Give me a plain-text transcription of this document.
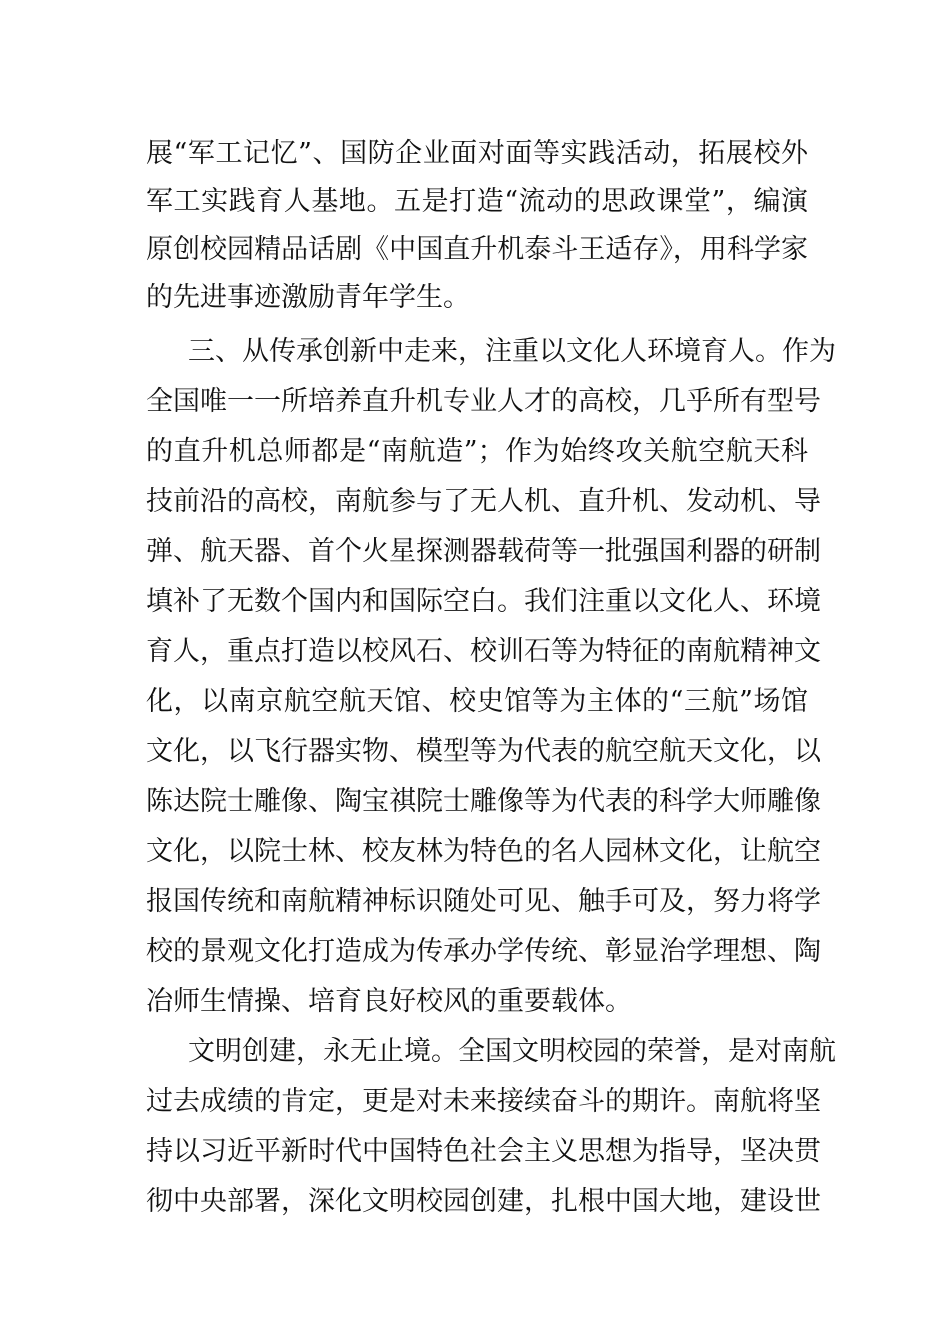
展“军工记忆”、国防企业面对面等实践活动，拓展校外
军工实践育人基地。五是打造“流动的思政课堂”，编演
原创校园精品话剧《中国直升机泰斗王适存》，用科学家
的先进事迹激励青年学生。
三、从传承创新中走来，注重以文化人环境育人。作为
全国唯一一所培养直升机专业人才的高校，几乎所有型号
的直升机总师都是“南航造”；作为始终攻关航空航天科
技前沿的高校，南航参与了无人机、直升机、发动机、导
弹、航天器、首个火星探测器载荷等一批强国利器的研制
填补了无数个国内和国际空白。我们注重以文化人、环境
育人，重点打造以校风石、校训石等为特征的南航精神文
化，以南京航空航天馆、校史馆等为主体的“三航”场馆
文化，以飞行器实物、模型等为代表的航空航天文化，以
陈达院士雕像、陶宝祺院士雕像等为代表的科学大师雕像
文化，以院士林、校友林为特色的名人园林文化，让航空
报国传统和南航精神标识随处可见、触手可及，努力将学
校的景观文化打造成为传承办学传统、彰显治学理想、陶
冶师生情操、培育良好校风的重要载体。
文明创建，永无止境。全国文明校园的荣誉，是对南航
过去成绩的肯定，更是对未来接续奋斗的期许。南航将坚
持以习近平新时代中国特色社会主义思想为指导，坚决贯
彻中央部署，深化文明校园创建，扎根中国大地，建设世
